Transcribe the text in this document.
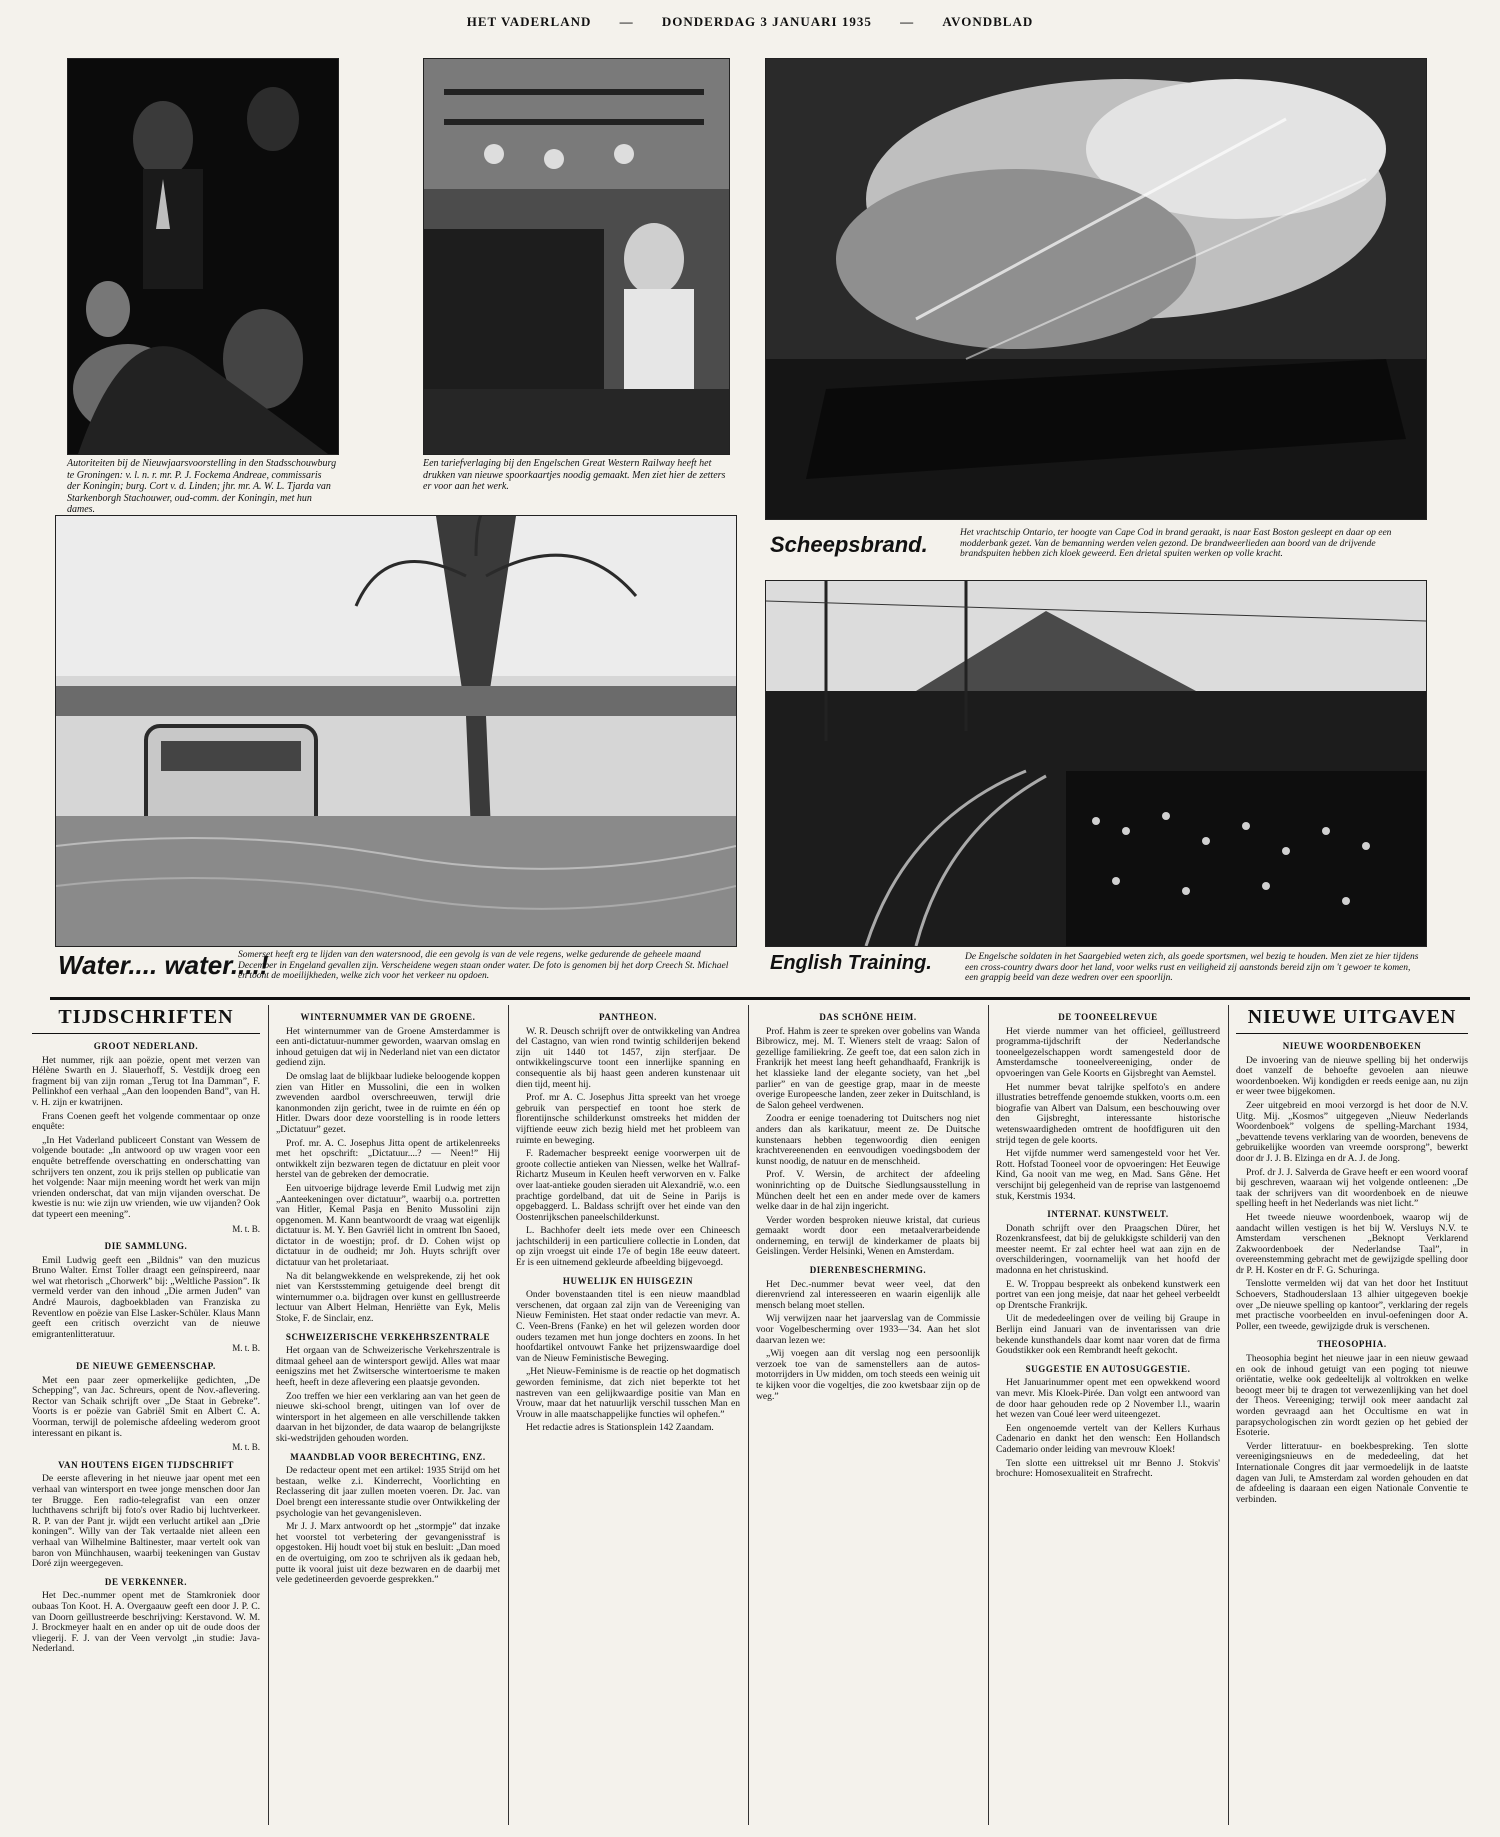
HET VADERLAND — DONDERDAG 3 JANUARI 1935 — AVONDBLAD
Autoriteiten bij de Nieuwjaarsvoorstelling in den Stadsschouwburg te Groningen: v. l. n. r. mr. P. J. Fockema Andreae, commissaris der Koningin; burg. Cort v. d. Linden; jhr. mr. A. W. L. Tjarda van Starkenborgh Stachouwer, oud-comm. der Koningin, met hun dames.
Een tariefverlaging bij den Engelschen Great Western Railway heeft het drukken van nieuwe spoorkaartjes noodig gemaakt. Men ziet hier de zetters er voor aan het werk.
Scheepsbrand.	Het vrachtschip Ontario, ter hoogte van Cape Cod in brand geraakt, is naar East Boston gesleept en daar op een modderbank gezet. Van de bemanning werden velen gezond. De brandweerlieden aan boord van de drijvende brandspuiten hebben zich kloek geweerd. Een drietal spuiten werken op volle kracht.
Water.... water....!
Somerset heeft erg te lijden van den watersnood, die een gevolg is van de vele regens, welke gedurende de geheele maand December in Engeland gevallen zijn. Verscheidene wegen staan onder water. De foto is genomen bij het dorp Creech St. Michael en toont de moeilijkheden, welke zich voor het verkeer nu opdoen.
English Training.	De Engelsche soldaten in het Saargebied weten zich, als goede sportsmen, wel bezig te houden. Men ziet ze hier tijdens een cross-country dwars door het land, voor welks rust en veiligheid zij aanstonds bereid zijn om 't gewoer te komen, een grappig beeld van deze wedren over een spoorlijn.

TIJDSCHRIFTEN

GROOT NEDERLAND.

Het nummer, rijk aan poëzie, opent met verzen van Hélène Swarth en J. Slauerhoff, S. Vestdijk droeg een fragment bij van zijn roman „Terug tot Ina Damman”, F. Pellinkhof een verhaal „Aan den loopenden Band”, van H. v. H. zijn er kwatrijnen.

Frans Coenen geeft het volgende commentaar op onze enquête:

„In Het Vaderland publiceert Constant van Wessem de volgende boutade: „In antwoord op uw vragen voor een enquête betreffende overschatting en onderschatting van schrijvers ten onzent, zou ik prijs stellen op publicatie van het volgende: Naar mijn meening wordt het werk van mijn vrienden onderschat, dat van mijn vijanden overschat. De kwestie is nu: wie zijn uw vrienden, wie uw vijanden? Ook dat typeert een meening”.

M. t. B.

DIE SAMMLUNG.

Emil Ludwig geeft een „Bildnis” van den muzicus Bruno Walter. Ernst Toller draagt een geïnspireerd, naar wel wat rhetorisch „Chorwerk” bij: „Weltliche Passion”. Ik vermeld verder van den inhoud „Die armen Juden” van André Maurois, dagboekbladen van Franziska zu Reventlow en poëzie van Else Lasker-Schüler. Klaus Mann geeft een critisch overzicht van de nieuwe emigrantenlitteratuur.

M. t. B.

DE NIEUWE GEMEENSCHAP.

Met een paar zeer opmerkelijke gedichten, „De Schepping”, van Jac. Schreurs, opent de Nov.-aflevering. Rector van Schaik schrijft over „De Staat in Gebreke”. Voorts is er poëzie van Gabriël Smit en Albert C. A. Voorman, terwijl de polemische afdeeling wederom groot interessant en pikant is.

M. t. B.

VAN HOUTENS EIGEN TIJDSCHRIFT

De eerste aflevering in het nieuwe jaar opent met een verhaal van wintersport en twee jonge menschen door Jan ter Brugge. Een radio-telegrafist van een onzer luchthavens schrijft bij foto's over Radio bij luchtverkeer. R. P. van der Pant jr. wijdt een verlucht artikel aan „Drie koningen”. Willy van der Tak vertaalde niet alleen een verhaal van Wilhelmine Baltinester, maar vertelt ook van baron von Münchhausen, waarbij teekeningen van Gustav Doré zijn weergegeven.

DE VERKENNER.

Het Dec.-nummer opent met de Stamkroniek door oubaas Ton Koot. H. A. Overgaauw geeft een door J. P. C. van Doorn geïllustreerde beschrijving: Kerstavond. W. M. J. Brockmeyer haalt en en ander op uit de oude doos der vliegerij. F. J. van der Veen vervolgt „in studie: Java-Nederland.

WINTERNUMMER VAN DE GROENE.

Het winternummer van de Groene Amsterdammer is een anti-dictatuur-nummer geworden, waarvan omslag en inhoud getuigen dat wij in Nederland niet van een dictator gediend zijn.

De omslag laat de blijkbaar ludieke beloogende koppen zien van Hitler en Mussolini, die een in wolken zwevenden aardbol overschreeuwen, terwijl drie kanonmonden zijn gericht, twee in de ruimte en één op Hitler. Dwars door deze voorstelling is in roode letters „Dictatuur” gezet.

Prof. mr. A. C. Josephus Jitta opent de artikelenreeks met het opschrift: „Dictatuur....? — Neen!” Hij ontwikkelt zijn bezwaren tegen de dictatuur en pleit voor herstel van de gebreken der democratie.

Een uitvoerige bijdrage leverde Emil Ludwig met zijn „Aanteekeningen over dictatuur”, waarbij o.a. portretten van Hitler, Kemal Pasja en Benito Mussolini zijn opgenomen. M. Kann beantwoordt de vraag wat eigenlijk dictatuur is. M. Y. Ben Gavriël licht in omtrent Ibn Saoed, dictator in de woestijn; prof. dr D. Cohen wijst op dictatuur in de oudheid; mr Joh. Huyts schrijft over dictatuur van het proletariaat.

Na dit belangwekkende en welsprekende, zij het ook niet van Kerstsstemming getuigende deel brengt dit winternummer o.a. bijdragen over kunst en gelllustreerde lectuur van Albert Helman, Henriëtte van Eyk, Melis Stoke, F. de Sinclair, enz.

SCHWEIZERISCHE VERKEHRSZENTRALE

Het orgaan van de Schweizerische Verkehrszentrale is ditmaal geheel aan de wintersport gewijd. Alles wat maar eenigszins met het Zwitsersche wintertoerisme te maken heeft, heeft in deze aflevering een plaatsje gevonden.

Zoo treffen we hier een verklaring aan van het geen de nieuwe ski-school brengt, uitingen van lof over de wintersport in het algemeen en alle verschillende takken daarvan in het bijzonder, de data waarop de belangrijkste ski-wedstrijden gehouden worden.

MAANDBLAD VOOR BERECHTING, ENZ.

De redacteur opent met een artikel: 1935 Strijd om het bestaan, welke z.i. Kinderrecht, Voorlichting en Reclassering dit jaar zullen moeten voeren. Dr. Jac. van Doel brengt een interessante studie over Ontwikkeling der psychologie van het gevangenisleven.

Mr J. J. Marx antwoordt op het „stormpje” dat inzake het voorstel tot verbetering der gevangenisstraf is opgestoken. Hij houdt voet bij stuk en besluit: „Dan moed en de overtuiging, om zoo te schrijven als ik gedaan heb, putte ik vooral juist uit deze bezwaren en de daarbij met vele gedetineerden gevoerde gesprekken.”

PANTHEON.

W. R. Deusch schrijft over de ontwikkeling van Andrea del Castagno, van wien rond twintig schilderijen bekend zijn uit 1440 tot 1457, zijn sterfjaar. De ontwikkelingscurve toont een innerlijke spanning en consequentie als bij haast geen anderen kunstenaar uit dien tijd, meent hij.

Prof. mr A. C. Josephus Jitta spreekt van het vroege gebruik van perspectief en toont hoe sterk de florentijnsche schilderkunst omstreeks het midden der vijftiende eeuw zich bezig hield met het probleem van ruimte en beweging.

F. Rademacher bespreekt eenige voorwerpen uit de groote collectie antieken van Niessen, welke het Wallraf-Richartz Museum in Keulen heeft verworven en v. Falke over laat-antieke gouden sieraden uit Alexandrië, w.o. een prachtige gordelband, dat uit de Seine in Parijs is opgebaggerd. L. Baldass schrijft over het einde van den Oostenrijkschen paneelschilderkunst.

L. Bachhofer deelt iets mede over een Chineesch jachtschilderij in een particuliere collectie in Londen, dat op zijn vroegst uit einde 17e of begin 18e eeuw dateert. Er is een uitnemend gekleurde afbeelding bijgevoegd.

HUWELIJK EN HUISGEZIN

Onder bovenstaanden titel is een nieuw maandblad verschenen, dat orgaan zal zijn van de Vereeniging van Nieuw Feministen. Het staat onder redactie van mevr. A. C. Veen-Brens (Fanke) en het wil gelezen worden door ouders tezamen met hun jonge dochters en zoons. In het hoofdartikel ontvouwt Fanke het prijzenswaardige doel van de Nieuw Feministische Beweging.

„Het Nieuw-Feminisme is de reactie op het dogmatisch geworden feminisme, dat zich niet beperkte tot het nastreven van een gelijkwaardige positie van Man en Vrouw, maar dat het natuurlijk verschil tusschen Man en Vrouw in alle maatschappelijke functies wil ophefen.”

Het redactie adres is Stationsplein 142 Zaandam.

DAS SCHÖNE HEIM.

Prof. Hahm is zeer te spreken over gobelins van Wanda Bibrowicz, mej. M. T. Wieners stelt de vraag: Salon of gezellige familiekring. Ze geeft toe, dat een salon zich in Frankrijk het meest lang heeft gehandhaafd, Frankrijk is het klassieke land der elegante society, van het „bel parlier” en van de geestige grap, maar in de meeste overige Europeesche landen, zeer zeker in Duitschland, is de Salon geheel verdwenen.

Zoodra er eenige toenadering tot Duitschers nog niet anders dan als karikatuur, meent ze. De Duitsche kunstenaars hebben tegenwoordig dien eenigen krachtvereenenden en eenvoudigen voedingsbodem der kunst noodig, de natuur en de menschheid.

Prof. V. Wersin, de architect der afdeeling woninrichting op de Duitsche Siedlungsausstellung in München deelt het een en ander mede over de kamers welke daar in de hal zijn ingericht.

Verder worden besproken nieuwe kristal, dat curieus gemaakt wordt door een metaalverarbeidende onderneming, en terwijl de kinderkamer de plaats bij Geislingen. Verder Helsinki, Wenen en Amsterdam.

DIERENBESCHERMING.

Het Dec.-nummer bevat weer veel, dat den dierenvriend zal interesseeren en waarin eigenlijk alle mensch belang moet stellen.

Wij verwijzen naar het jaarverslag van de Commissie voor Vogelbescherming over 1933—'34. Aan het slot daarvan lezen we:

„Wij voegen aan dit verslag nog een persoonlijk verzoek toe van de samenstellers aan de autos-motorrijders in Uw midden, om toch steeds een weinig uit te kijken voor die vogeltjes, die zoo kwetsbaar zijn op de weg.”

DE TOONEELREVUE

Het vierde nummer van het officieel, geïllustreerd programma-tijdschrift der Nederlandsche tooneelgezelschappen wordt samengesteld door de Amsterdamsche tooneelvereeniging, onder de opvoeringen van Gele Koorts en Gijsbreght van Aemstel.

Het nummer bevat talrijke spelfoto's en andere illustraties betreffende genoemde stukken, voorts o.m. een biografie van Albert van Dalsum, een beschouwing over den Gijsbreght, interessante historische wetenswaardigheden omtrent de hoofdfiguren uit den strijd tegen de gele koorts.

Het vijfde nummer werd samengesteld voor het Ver. Rott. Hofstad Tooneel voor de opvoeringen: Het Eeuwige Kind, Ga nooit van me weg, en Mad. Sans Gêne. Het verschijnt bij gelegenheid van de reprise van lastgenoemd stuk, Kerstmis 1934.

INTERNAT. KUNSTWELT.

Donath schrijft over den Praagschen Dürer, het Rozenkransfeest, dat bij de gelukkigste schilderij van den meester neemt. Er zal echter heel wat aan zijn en de overschilderingen, voornamelijk van het hoofd der madonna en het christuskind.

E. W. Troppau bespreekt als onbekend kunstwerk een portret van een jong meisje, dat naar het geheel verbeeldt op Drentsche Frankrijk.

Uit de mededeelingen over de veiling bij Graupe in Berlijn eind Januari van de inventarissen van drie bekende kunsthandels daar komt naar voren dat de firma Goudstikker ook een Rembrandt heeft gekocht.

SUGGESTIE EN AUTOSUGGESTIE.

Het Januarinummer opent met een opwekkend woord van mevr. Mis Kloek-Pirée. Dan volgt een antwoord van de door haar gehouden rede op 2 November l.l., waarin het wezen van Coué leer werd uiteengezet.

Een ongenoemde vertelt van der Kellers Kurhaus Cadenario en dankt het den wensch: Een Hollandsch Cademario onder leiding van mevrouw Kloek!

Ten slotte een uittreksel uit mr Benno J. Stokvis' brochure: Homosexualiteit en Strafrecht.

NIEUWE UITGAVEN

NIEUWE WOORDENBOEKEN

De invoering van de nieuwe spelling bij het onderwijs doet vanzelf de behoefte gevoelen aan nieuwe woordenboeken. Wij kondigden er reeds eenige aan, nu zijn er weer twee bijgekomen.

Zeer uitgebreid en mooi verzorgd is het door de N.V. Uitg. Mij. „Kosmos” uitgegeven „Nieuw Nederlands Woordenboek” volgens de spelling-Marchant 1934, „bevattende tevens verklaring van de woorden, benevens de gebruikelijke woorden van vreemde oorsprong”, bewerkt door dr J. J. B. Elzinga en dr A. J. de Jong.

Prof. dr J. J. Salverda de Grave heeft er een woord vooraf bij geschreven, waaraan wij het volgende ontleenen: „De taak der schrijvers van dit woordenboek en de nieuwe spelling heeft in het Nederlands was niet licht.”

Het tweede nieuwe woordenboek, waarop wij de aandacht willen vestigen is het bij W. Versluys N.V. te Amsterdam verschenen „Beknopt Verklarend Zakwoordenboek der Nederlandse Taal”, in overeenstemming gebracht met de gewijzigde spelling door dr P. H. Koster en dr F. G. Schuringa.

Tenslotte vermelden wij dat van het door het Instituut Schoevers, Stadhouderslaan 13 alhier uitgegeven boekje over „De nieuwe spelling op kantoor”, verklaring der regels met practische voorbeelden en invul-oefeningen door A. Poller, een tweede, gewijzigde druk is verschenen.

THEOSOPHIA.

Theosophia begint het nieuwe jaar in een nieuw gewaad en ook de inhoud getuigt van een poging tot nieuwe oriëntatie, welke ook gedeeltelijk al voltrokken en welke beoogt meer bij te dragen tot verwezenlijking van het doel der Theos. Vereeniging; terwijl ook meer aandacht zal worden gevraagd aan het Occultisme en wat in parapsychologischen zin wordt gezien op het gebied der Esoterie.

Verder litteratuur- en boekbespreking. Ten slotte vereenigingsnieuws en de mededeeling, dat het Internationale Congres dit jaar vermoedelijk in de laatste dagen van Juli, te Amsterdam zal worden gehouden en dat de afdeeling is daaraan een eigen Nationale Conventie te verbinden.
